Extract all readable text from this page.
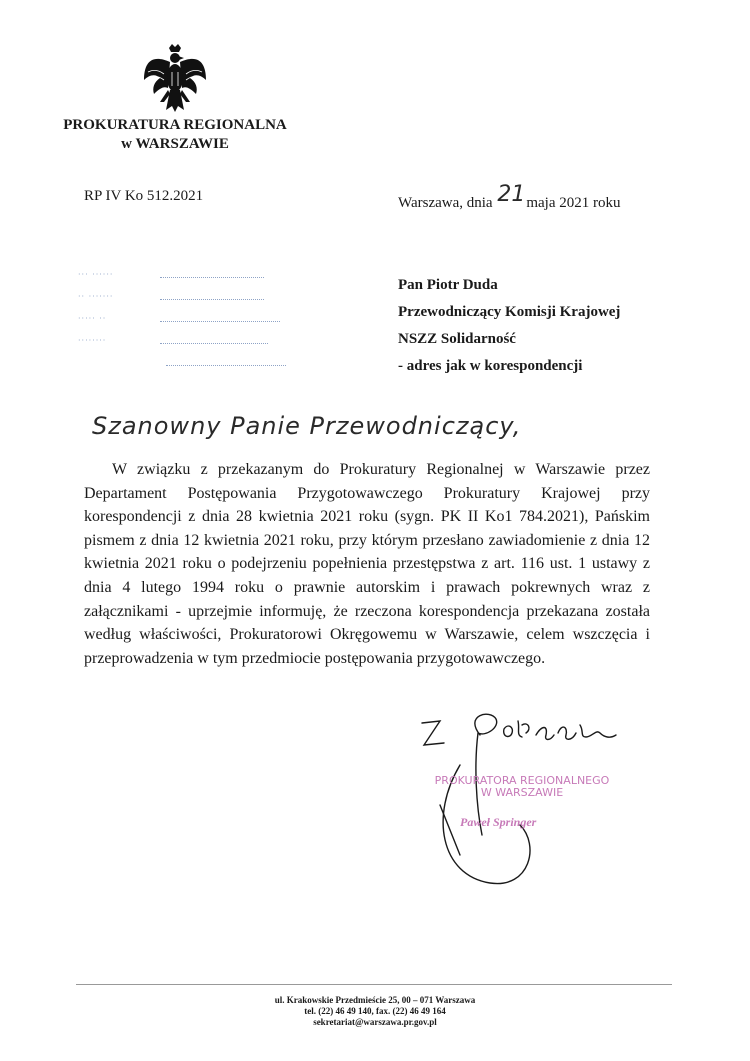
PROKURATURA REGIONALNA
w WARSZAWIE
RP IV Ko 512.2021	Warszawa, dnia 21maja 2021 roku
··· ······
·· ·······
····· ··
········
Pan Piotr Duda
Przewodniczący Komisji Krajowej
NSZZ Solidarność
- adres jak w korespondencji
Szanowny Panie Przewodniczący,
W związku z przekazanym do Prokuratury Regionalnej w Warszawie przez Departament Postępowania Przygotowawczego Prokuratury Krajowej przy korespondencji z dnia 28 kwietnia 2021 roku (sygn. PK II Ko1 784.2021), Pańskim pismem z dnia 12 kwietnia 2021 roku, przy którym przesłano zawiadomienie z dnia 12 kwietnia 2021 roku o podejrzeniu popełnienia przestępstwa z art. 116 ust. 1 ustawy z dnia 4 lutego 1994 roku o prawnie autorskim i prawach pokrewnych wraz z załącznikami - uprzejmie informuję, że rzeczona korespondencja przekazana została według właściwości, Prokuratorowi Okręgowemu w Warszawie, celem wszczęcia i przeprowadzenia w tym przedmiocie postępowania przygotowawczego.
PROKURATORA REGIONALNEGO
W WARSZAWIE
Paweł Springer
ul. Krakowskie Przedmieście 25, 00 – 071 Warszawa
tel. (22) 46 49 140, fax. (22) 46 49 164
sekretariat@warszawa.pr.gov.pl
